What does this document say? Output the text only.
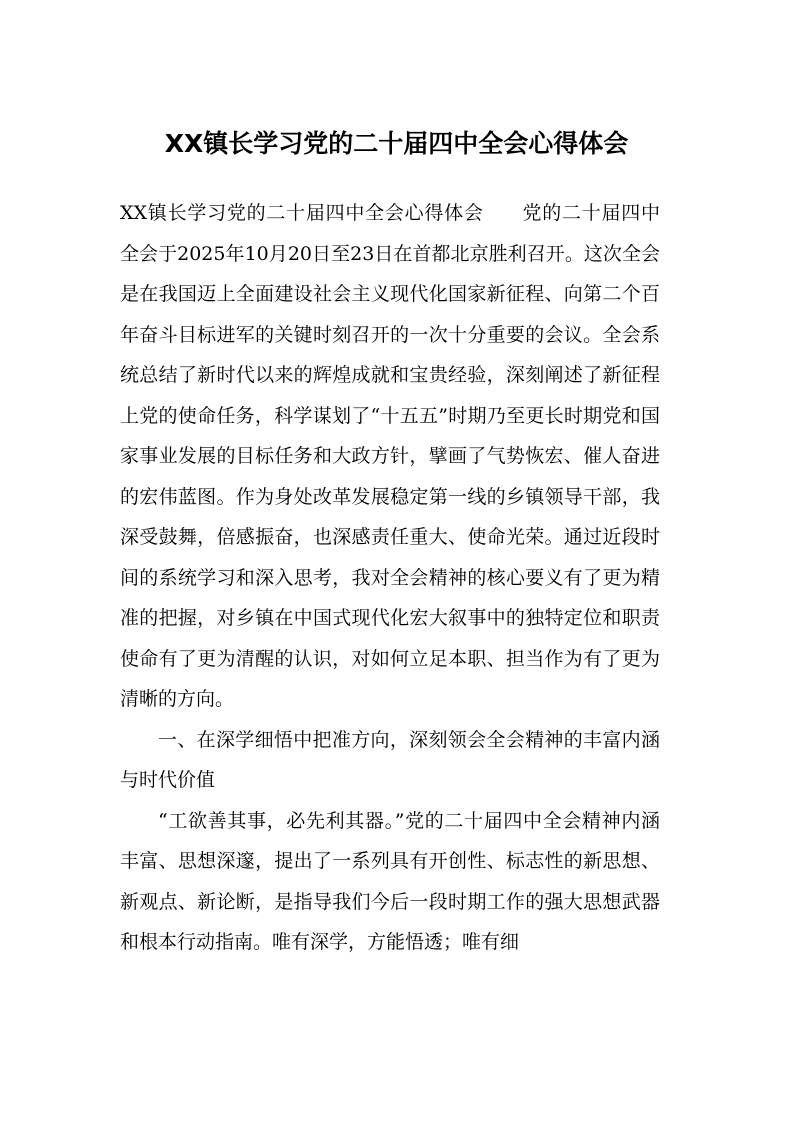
XX镇长学习党的二十届四中全会心得体会

XX镇长学习党的二十届四中全会心得体会 党的二十届四中全会于2025年10月20日至23日在首都北京胜利召开。这次全会是在我国迈上全面建设社会主义现代化国家新征程、向第二个百年奋斗目标进军的关键时刻召开的一次十分重要的会议。全会系统总结了新时代以来的辉煌成就和宝贵经验，深刻阐述了新征程上党的使命任务，科学谋划了“十五五”时期乃至更长时期党和国家事业发展的目标任务和大政方针，擘画了气势恢宏、催人奋进的宏伟蓝图。作为身处改革发展稳定第一线的乡镇领导干部，我深受鼓舞，倍感振奋，也深感责任重大、使命光荣。通过近段时间的系统学习和深入思考，我对全会精神的核心要义有了更为精准的把握，对乡镇在中国式现代化宏大叙事中的独特定位和职责使命有了更为清醒的认识，对如何立足本职、担当作为有了更为清晰的方向。

一、在深学细悟中把准方向，深刻领会全会精神的丰富内涵与时代价值

“工欲善其事，必先利其器。”党的二十届四中全会精神内涵丰富、思想深邃，提出了一系列具有开创性、标志性的新思想、新观点、新论断，是指导我们今后一段时期工作的强大思想武器和根本行动指南。唯有深学，方能悟透；唯有细
